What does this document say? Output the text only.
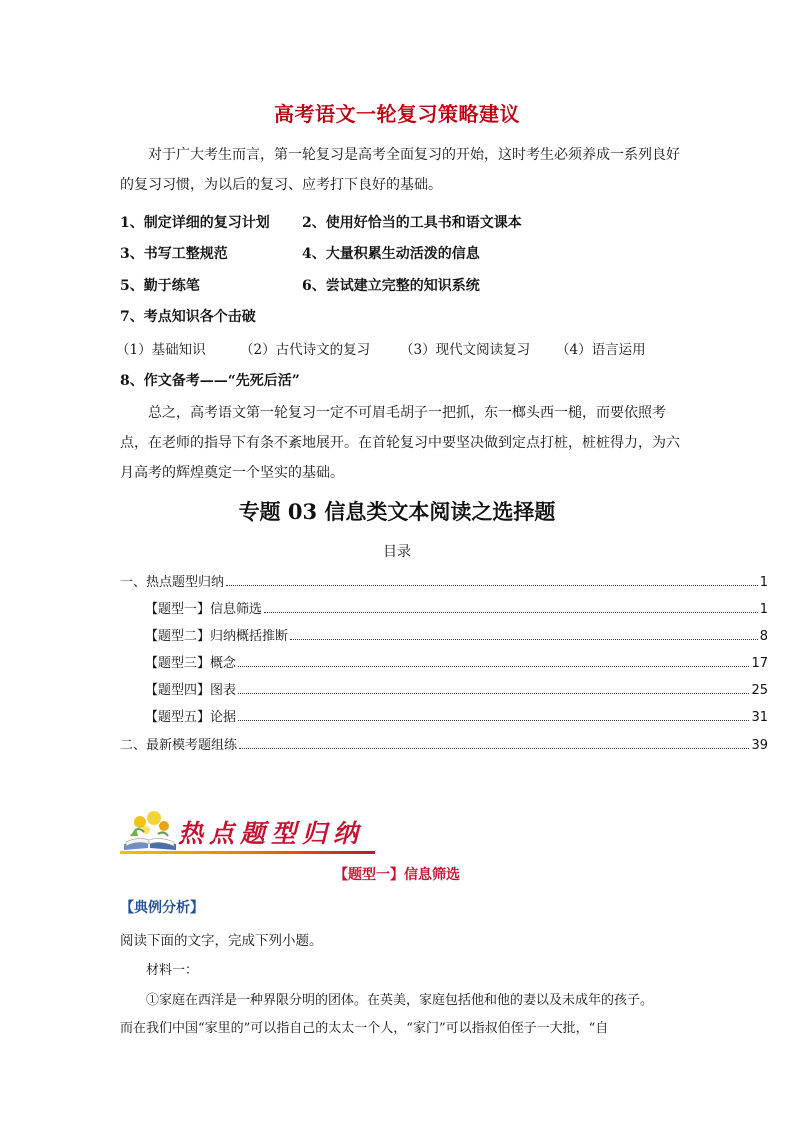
高考语文一轮复习策略建议
对于广大考生而言，第一轮复习是高考全面复习的开始，这时考生必须养成一系列良好的复习习惯，为以后的复习、应考打下良好的基础。
1、制定详细的复习计划 2、使用好恰当的工具书和语文课本
3、书写工整规范	4、大量积累生动活泼的信息
5、勤于练笔	6、尝试建立完整的知识系统
7、考点知识各个击破
（1）基础知识	（2）古代诗文的复习 （3）现代文阅读复习 （4）语言运用
8、作文备考——“先死后活”
总之，高考语文第一轮复习一定不可眉毛胡子一把抓，东一榔头西一槌，而要依照考点，在老师的指导下有条不紊地展开。在首轮复习中要坚决做到定点打桩，桩桩得力，为六月高考的辉煌奠定一个坚实的基础。
专题 03 信息类文本阅读之选择题
目录
一、热点题型归纳	1
【题型一】信息筛选	1
【题型二】归纳概括推断	8
【题型三】概念	17
【题型四】图表	25
【题型五】论据	31
二、最新模考题组练	39
热点题型归纳
【题型一】信息筛选
【典例分析】
阅读下面的文字，完成下列小题。
材料一：
①家庭在西洋是一种界限分明的团体。在英美，家庭包括他和他的妻以及未成年的孩子。
而在我们中国“家里的”可以指自己的太太一个人，“家门”可以指叔伯侄子一大批，“自
